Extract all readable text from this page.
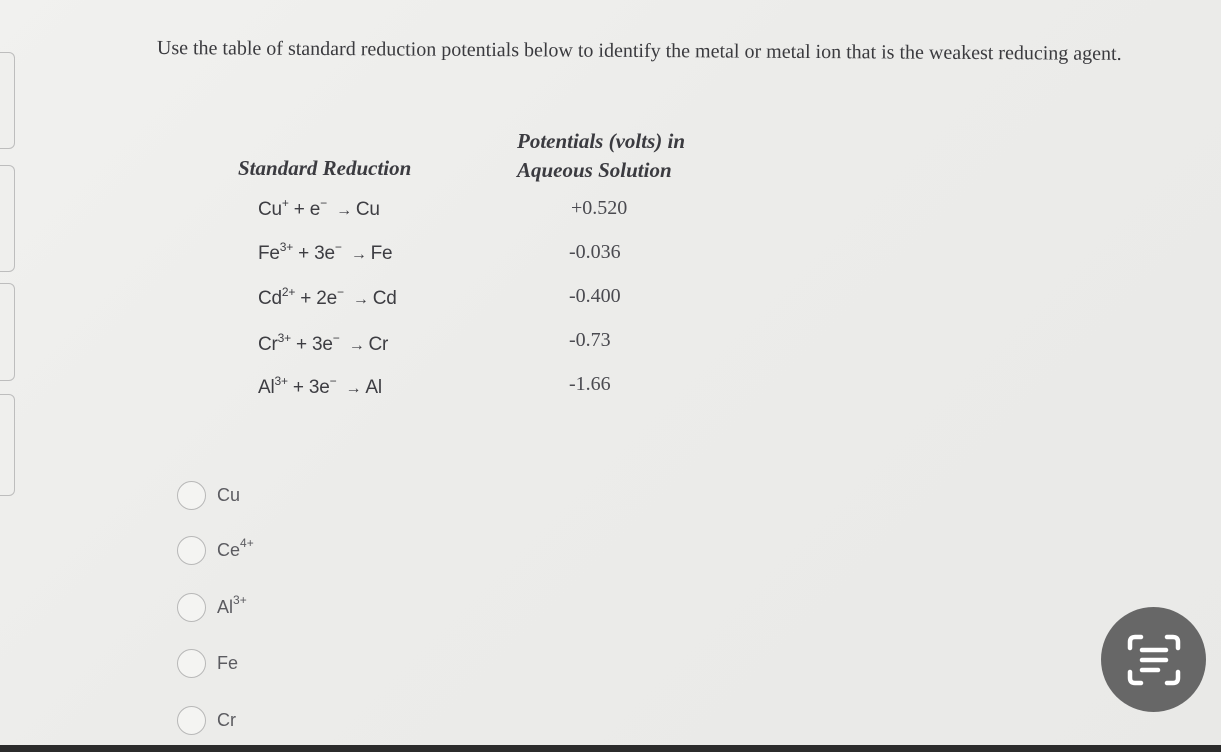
Use the table of standard reduction potentials below to identify the metal or metal ion that is the weakest reducing agent.
Standard Reduction
Potentials (volts) in
Aqueous Solution
Cu+ + e− → Cu
$Fe^{3+} + 3e^- \to Fe$
$Cd^{2+} + 2e^- \to Cd$
$Cr^{3+} + 3e^- \to Cr$
$Al^{3+} + 3e^- \to Al$
+0.520
-0.036
-0.400
-0.73
-1.66
Cu
$Ce^{4+}$
$Al^{3+}$
Fe
Cr
